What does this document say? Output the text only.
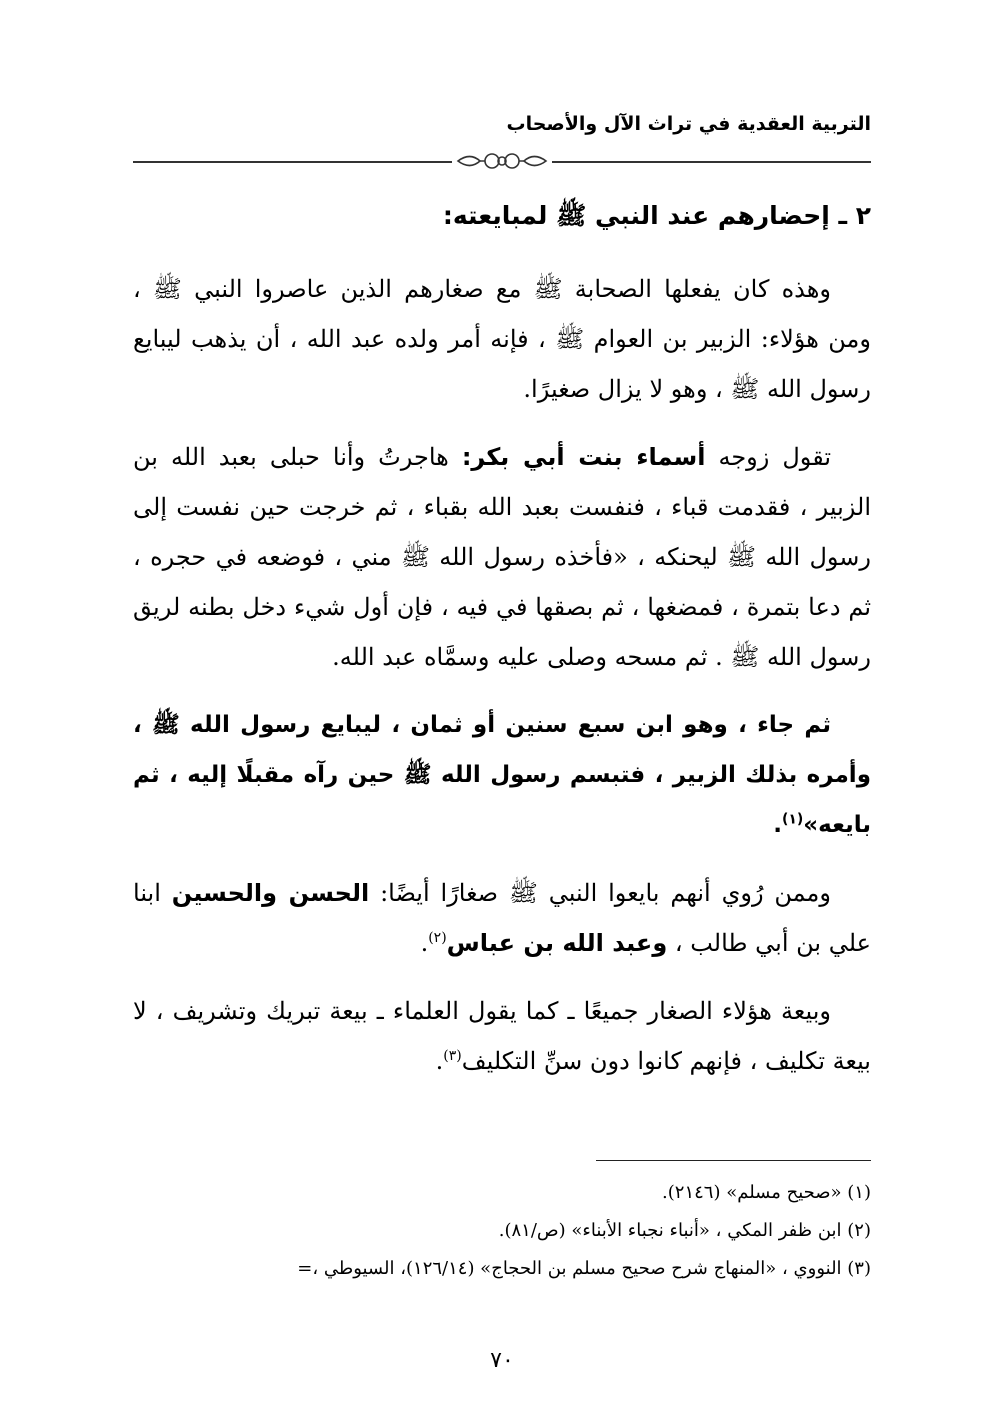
التربية العقدية في تراث الآل والأصحاب
٢ ـ إحضارهم عند النبي ﷺ لمبايعته:

وهذه كان يفعلها الصحابة ﷺ مع صغارهم الذين عاصروا النبي ﷺ ، ومن هؤلاء: الزبير بن العوام ﷺ ، فإنه أمر ولده عبد الله ، أن يذهب ليبايع رسول الله ﷺ ، وهو لا يزال صغيرًا.

تقول زوجه أسماء بنت أبي بكر: هاجرتُ وأنا حبلى بعبد الله بن الزبير ، فقدمت قباء ، فنفست بعبد الله بقباء ، ثم خرجت حين نفست إلى رسول الله ﷺ ليحنكه ، «فأخذه رسول الله ﷺ مني ، فوضعه في حجره ، ثم دعا بتمرة ، فمضغها ، ثم بصقها في فيه ، فإن أول شيء دخل بطنه لريق رسول الله ﷺ . ثم مسحه وصلى عليه وسمَّاه عبد الله.

ثم جاء ، وهو ابن سبع سنين أو ثمان ، ليبايع رسول الله ﷺ ، وأمره بذلك الزبير ، فتبسم رسول الله ﷺ حين رآه مقبلًا إليه ، ثم بايعه»$^{(١)}$.

وممن رُوي أنهم بايعوا النبي ﷺ صغارًا أيضًا: الحسن والحسين ابنا علي بن أبي طالب ، وعبد الله بن عباس$^{(٢)}$.

وبيعة هؤلاء الصغار جميعًا ـ كما يقول العلماء ـ بيعة تبريك وتشريف ، لا بيعة تكليف ، فإنهم كانوا دون سنِّ التكليف$^{(٣)}$.

(١) «صحيح مسلم» (٢١٤٦).

(٢) ابن ظفر المكي ، «أنباء نجباء الأبناء» (ص/٨١).

(٣) النووي ، «المنهاج شرح صحيح مسلم بن الحجاج» (١٢٦/١٤)، السيوطي ،=

٧٠
